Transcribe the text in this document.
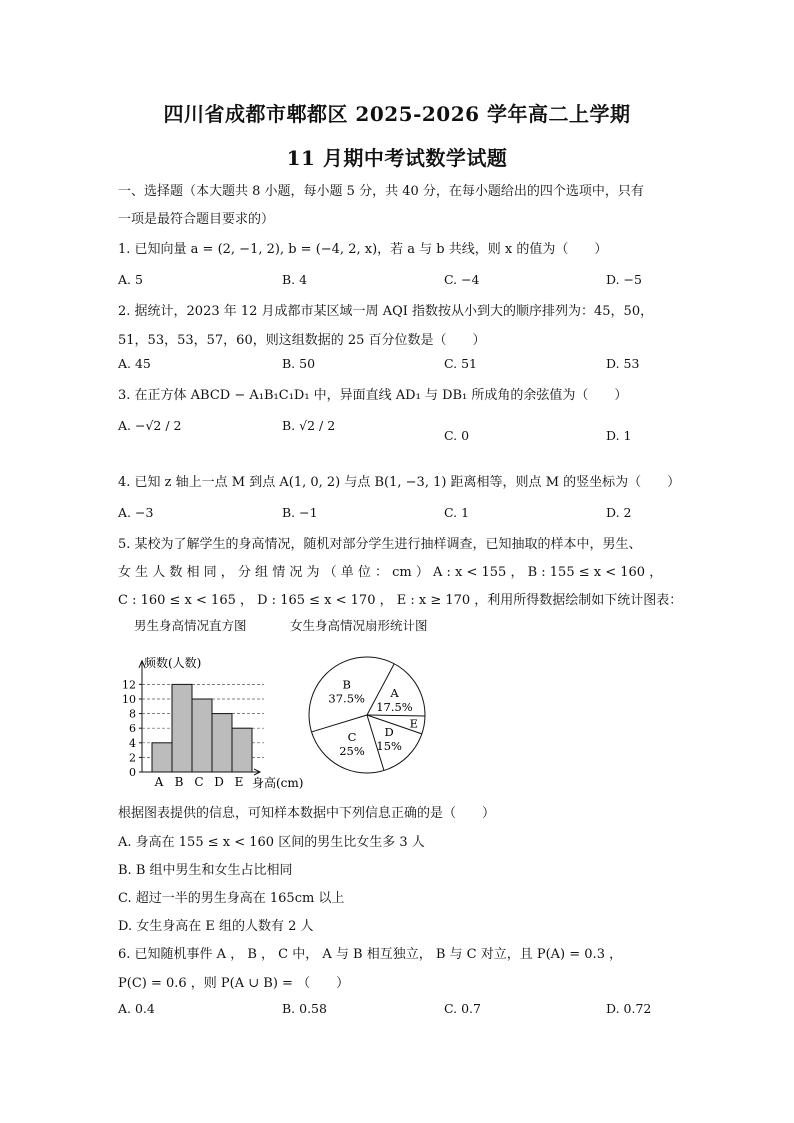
四川省成都市郫都区 2025-2026 学年高二上学期
11 月期中考试数学试题
一、选择题（本大题共 8 小题，每小题 5 分，共 40 分，在每小题给出的四个选项中，只有
一项是最符合题目要求的）
1. 已知向量 a = (2, −1, 2), b = (−4, 2, x)，若 a 与 b 共线，则 x 的值为（　　）
A. 5	B. 4	C. −4	D. −5
2. 据统计，2023 年 12 月成都市某区域一周 AQI 指数按从小到大的顺序排列为：45，50，
51，53，53，57，60，则这组数据的 25 百分位数是（　　）
A. 45	B. 50	C. 51	D. 53
3. 在正方体 ABCD − A₁B₁C₁D₁ 中，异面直线 AD₁ 与 DB₁ 所成角的余弦值为（　　）
A. −√2 / 2	B. √2 / 2
C. 0	D. 1
4. 已知 z 轴上一点 M 到点 A(1, 0, 2) 与点 B(1, −3, 1) 距离相等，则点 M 的竖坐标为（　　）
A. −3	B. −1	C. 1	D. 2
5. 某校为了解学生的身高情况，随机对部分学生进行抽样调查，已知抽取的样本中，男生、
女 生 人 数 相 同 ， 分 组 情 况 为 （ 单 位 ： cm ） A : x < 155 ， B : 155 ≤ x < 160 ，
C : 160 ≤ x < 165 ， D : 165 ≤ x < 170 ， E : x ≥ 170 ，利用所得数据绘制如下统计图表：
男生身高情况直方图	女生身高情况扇形统计图
0
2
4
6
8
10
12
A B C D E
频数(人数)
身高(cm)
A
17.5%
E
D
15%
C
25%
B
37.5%
根据图表提供的信息，可知样本数据中下列信息正确的是（　　）
A. 身高在 155 ≤ x < 160 区间的男生比女生多 3 人
B. B 组中男生和女生占比相同
C. 超过一半的男生身高在 165cm 以上
D. 女生身高在 E 组的人数有 2 人
6. 已知随机事件 A ， B ， C 中， A 与 B 相互独立， B 与 C 对立，且 P(A) = 0.3 ，
P(C) = 0.6 ，则 P(A ∪ B) = （　　）
A. 0.4	B. 0.58	C. 0.7	D. 0.72
